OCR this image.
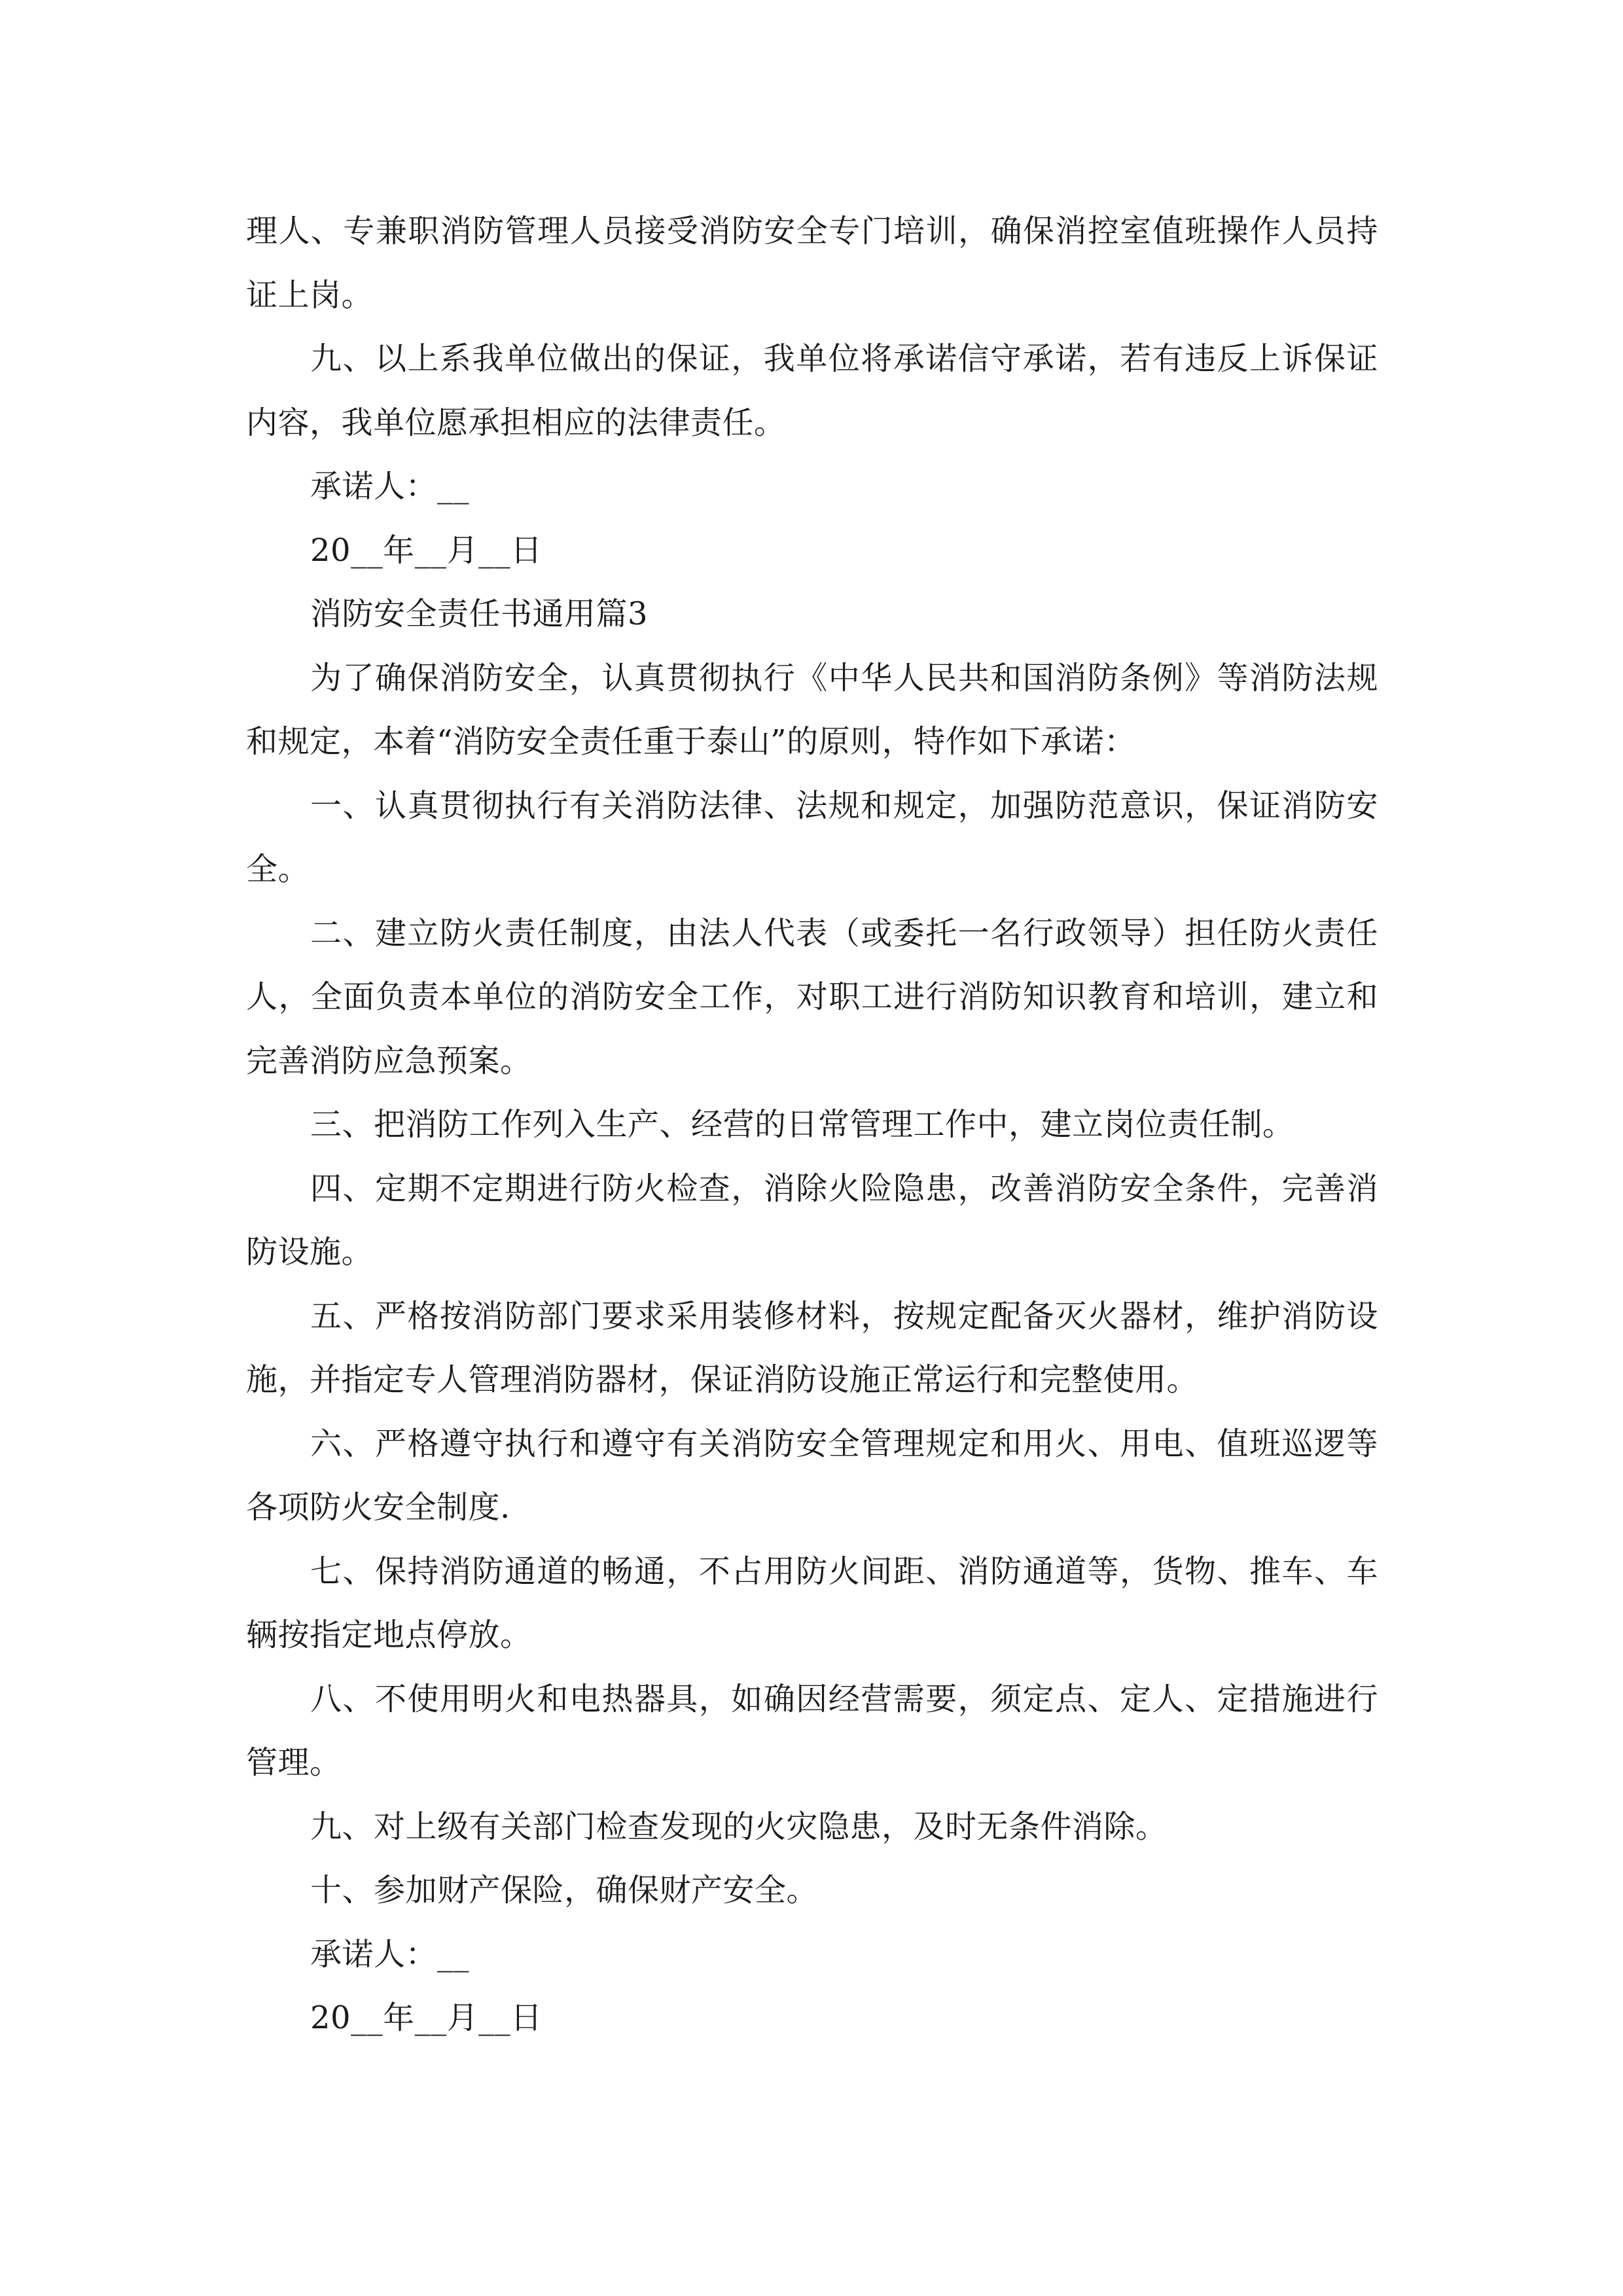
理人、专兼职消防管理人员接受消防安全专门培训，确保消控室值班操作人员持证上岗。

九、以上系我单位做出的保证，我单位将承诺信守承诺，若有违反上诉保证内容，我单位愿承担相应的法律责任。

承诺人：__

20__年__月__日

消防安全责任书通用篇3

为了确保消防安全，认真贯彻执行《中华人民共和国消防条例》等消防法规和规定，本着“消防安全责任重于泰山”的原则，特作如下承诺：

一、认真贯彻执行有关消防法律、法规和规定，加强防范意识，保证消防安全。

二、建立防火责任制度，由法人代表（或委托一名行政领导）担任防火责任人，全面负责本单位的消防安全工作，对职工进行消防知识教育和培训，建立和完善消防应急预案。

三、把消防工作列入生产、经营的日常管理工作中，建立岗位责任制。

四、定期不定期进行防火检查，消除火险隐患，改善消防安全条件，完善消防设施。

五、严格按消防部门要求采用装修材料，按规定配备灭火器材，维护消防设施，并指定专人管理消防器材，保证消防设施正常运行和完整使用。

六、严格遵守执行和遵守有关消防安全管理规定和用火、用电、值班巡逻等各项防火安全制度.

七、保持消防通道的畅通，不占用防火间距、消防通道等，货物、推车、车辆按指定地点停放。

八、不使用明火和电热器具，如确因经营需要，须定点、定人、定措施进行管理。

九、对上级有关部门检查发现的火灾隐患，及时无条件消除。

十、参加财产保险，确保财产安全。

承诺人：__

20__年__月__日
